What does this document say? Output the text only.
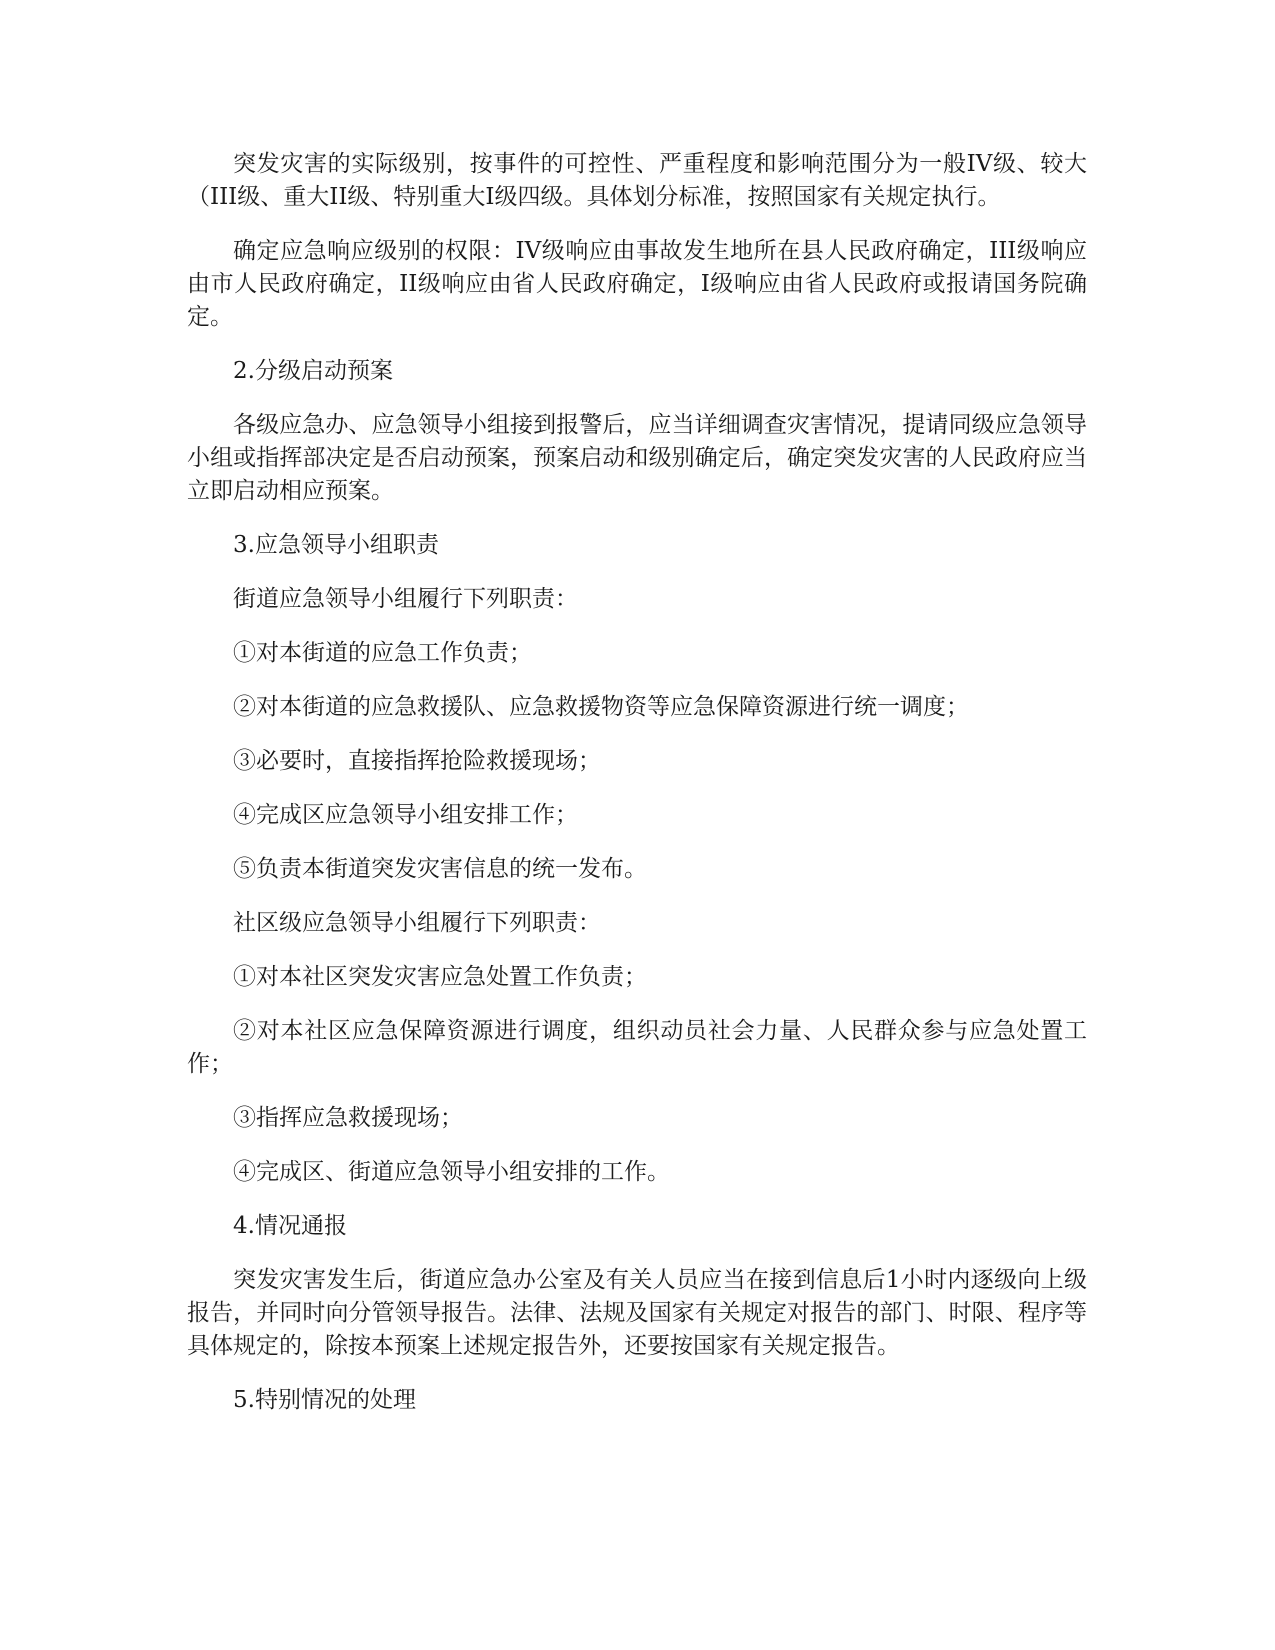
突发灾害的实际级别，按事件的可控性、严重程度和影响范围分为一般IV级、较大（III级、重大II级、特别重大I级四级。具体划分标准，按照国家有关规定执行。

确定应急响应级别的权限：IV级响应由事故发生地所在县人民政府确定，III级响应由市人民政府确定，II级响应由省人民政府确定，I级响应由省人民政府或报请国务院确定。

2.分级启动预案

各级应急办、应急领导小组接到报警后，应当详细调查灾害情况，提请同级应急领导小组或指挥部决定是否启动预案，预案启动和级别确定后，确定突发灾害的人民政府应当立即启动相应预案。

3.应急领导小组职责

街道应急领导小组履行下列职责：

①对本街道的应急工作负责；

②对本街道的应急救援队、应急救援物资等应急保障资源进行统一调度；

③必要时，直接指挥抢险救援现场；

④完成区应急领导小组安排工作；

⑤负责本街道突发灾害信息的统一发布。

社区级应急领导小组履行下列职责：

①对本社区突发灾害应急处置工作负责；

②对本社区应急保障资源进行调度，组织动员社会力量、人民群众参与应急处置工作；

③指挥应急救援现场；

④完成区、街道应急领导小组安排的工作。

4.情况通报

突发灾害发生后，街道应急办公室及有关人员应当在接到信息后1小时内逐级向上级报告，并同时向分管领导报告。法律、法规及国家有关规定对报告的部门、时限、程序等具体规定的，除按本预案上述规定报告外，还要按国家有关规定报告。

5.特别情况的处理
